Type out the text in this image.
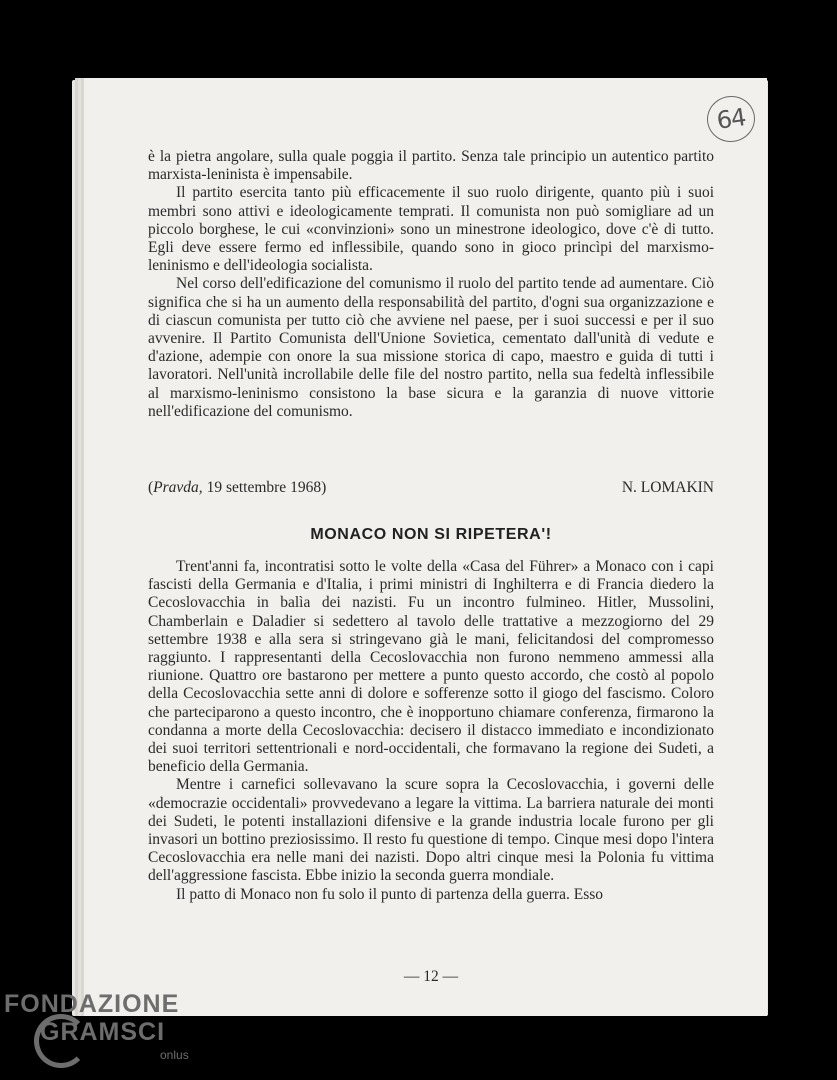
64

è la pietra angolare, sulla quale poggia il partito. Senza tale principio un autentico partito marxista-leninista è impensabile.

Il partito esercita tanto più efficacemente il suo ruolo dirigente, quanto più i suoi membri sono attivi e ideologicamente temprati. Il comunista non può somigliare ad un piccolo borghese, le cui «convinzioni» sono un minestrone ideologico, dove c'è di tutto. Egli deve essere fermo ed inflessibile, quando sono in gioco princìpi del marxismo-leninismo e dell'ideologia socialista.

Nel corso dell'edificazione del comunismo il ruolo del partito tende ad aumentare. Ciò significa che si ha un aumento della responsabilità del partito, d'ogni sua organizzazione e di ciascun comunista per tutto ciò che avviene nel paese, per i suoi successi e per il suo avvenire. Il Partito Comunista dell'Unione Sovietica, cementato dall'unità di vedute e d'azione, adempie con onore la sua missione storica di capo, maestro e guida di tutti i lavoratori. Nell'unità incrollabile delle file del nostro partito, nella sua fedeltà inflessibile al marxismo-leninismo consistono la base sicura e la garanzia di nuove vittorie nell'edificazione del comunismo.

(Pravda, 19 settembre 1968)	N. LOMAKIN
MONACO NON SI RIPETERA'!

Trent'anni fa, incontratisi sotto le volte della «Casa del Führer» a Monaco con i capi fascisti della Germania e d'Italia, i primi ministri di Inghilterra e di Francia diedero la Cecoslovacchia in balìa dei nazisti. Fu un incontro fulmineo. Hitler, Mussolini, Chamberlain e Daladier si sedettero al tavolo delle trattative a mezzogiorno del 29 settembre 1938 e alla sera si stringevano già le mani, felicitandosi del compromesso raggiunto. I rappresentanti della Cecoslovacchia non furono nemmeno ammessi alla riunione. Quattro ore bastarono per mettere a punto questo accordo, che costò al popolo della Cecoslovacchia sette anni di dolore e sofferenze sotto il giogo del fascismo. Coloro che parteciparono a questo incontro, che è inopportuno chiamare conferenza, firmarono la condanna a morte della Cecoslovacchia: decisero il distacco immediato e incondizionato dei suoi territori settentrionali e nord-occidentali, che formavano la regione dei Sudeti, a beneficio della Germania.

Mentre i carnefici sollevavano la scure sopra la Cecoslovacchia, i governi delle «democrazie occidentali» provvedevano a legare la vittima. La barriera naturale dei monti dei Sudeti, le potenti installazioni difensive e la grande industria locale furono per gli invasori un bottino preziosissimo. Il resto fu questione di tempo. Cinque mesi dopo l'intera Cecoslovacchia era nelle mani dei nazisti. Dopo altri cinque mesi la Polonia fu vittima dell'aggressione fascista. Ebbe inizio la seconda guerra mondiale.

Il patto di Monaco non fu solo il punto di partenza della guerra. Esso

— 12 —
FONDAZIONE
GRAMSCI
onlus
